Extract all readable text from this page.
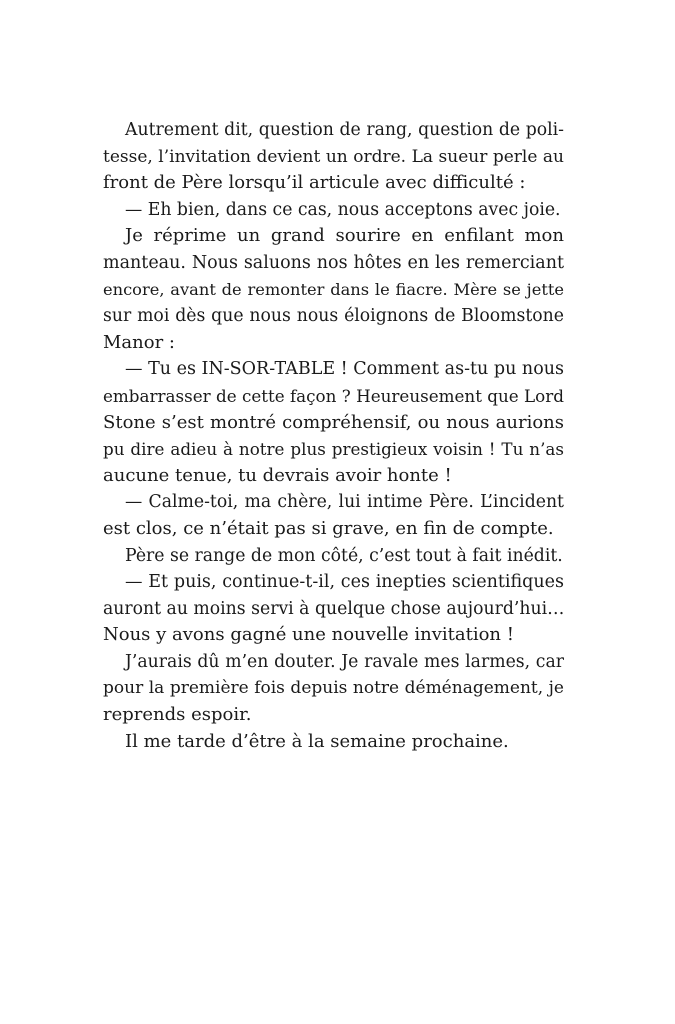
Autrement dit, question de rang, question de poli-
tesse, l’invitation devient un ordre. La sueur perle au
front de Père lorsqu’il articule avec difficulté :
— Eh bien, dans ce cas, nous acceptons avec joie.
Je réprime un grand sourire en enfilant mon
manteau. Nous saluons nos hôtes en les remerciant
encore, avant de remonter dans le fiacre. Mère se jette
sur moi dès que nous nous éloignons de Bloomstone
Manor :
— Tu es IN-SOR-TABLE ! Comment as-tu pu nous
embarrasser de cette façon ? Heureusement que Lord
Stone s’est montré compréhensif, ou nous aurions
pu dire adieu à notre plus prestigieux voisin ! Tu n’as
aucune tenue, tu devrais avoir honte !
— Calme-toi, ma chère, lui intime Père. L’incident
est clos, ce n’était pas si grave, en fin de compte.
Père se range de mon côté, c’est tout à fait inédit.
— Et puis, continue-t-il, ces inepties scientifiques
auront au moins servi à quelque chose aujourd’hui…
Nous y avons gagné une nouvelle invitation !
J’aurais dû m’en douter. Je ravale mes larmes, car
pour la première fois depuis notre déménagement, je
reprends espoir.
Il me tarde d’être à la semaine prochaine.
